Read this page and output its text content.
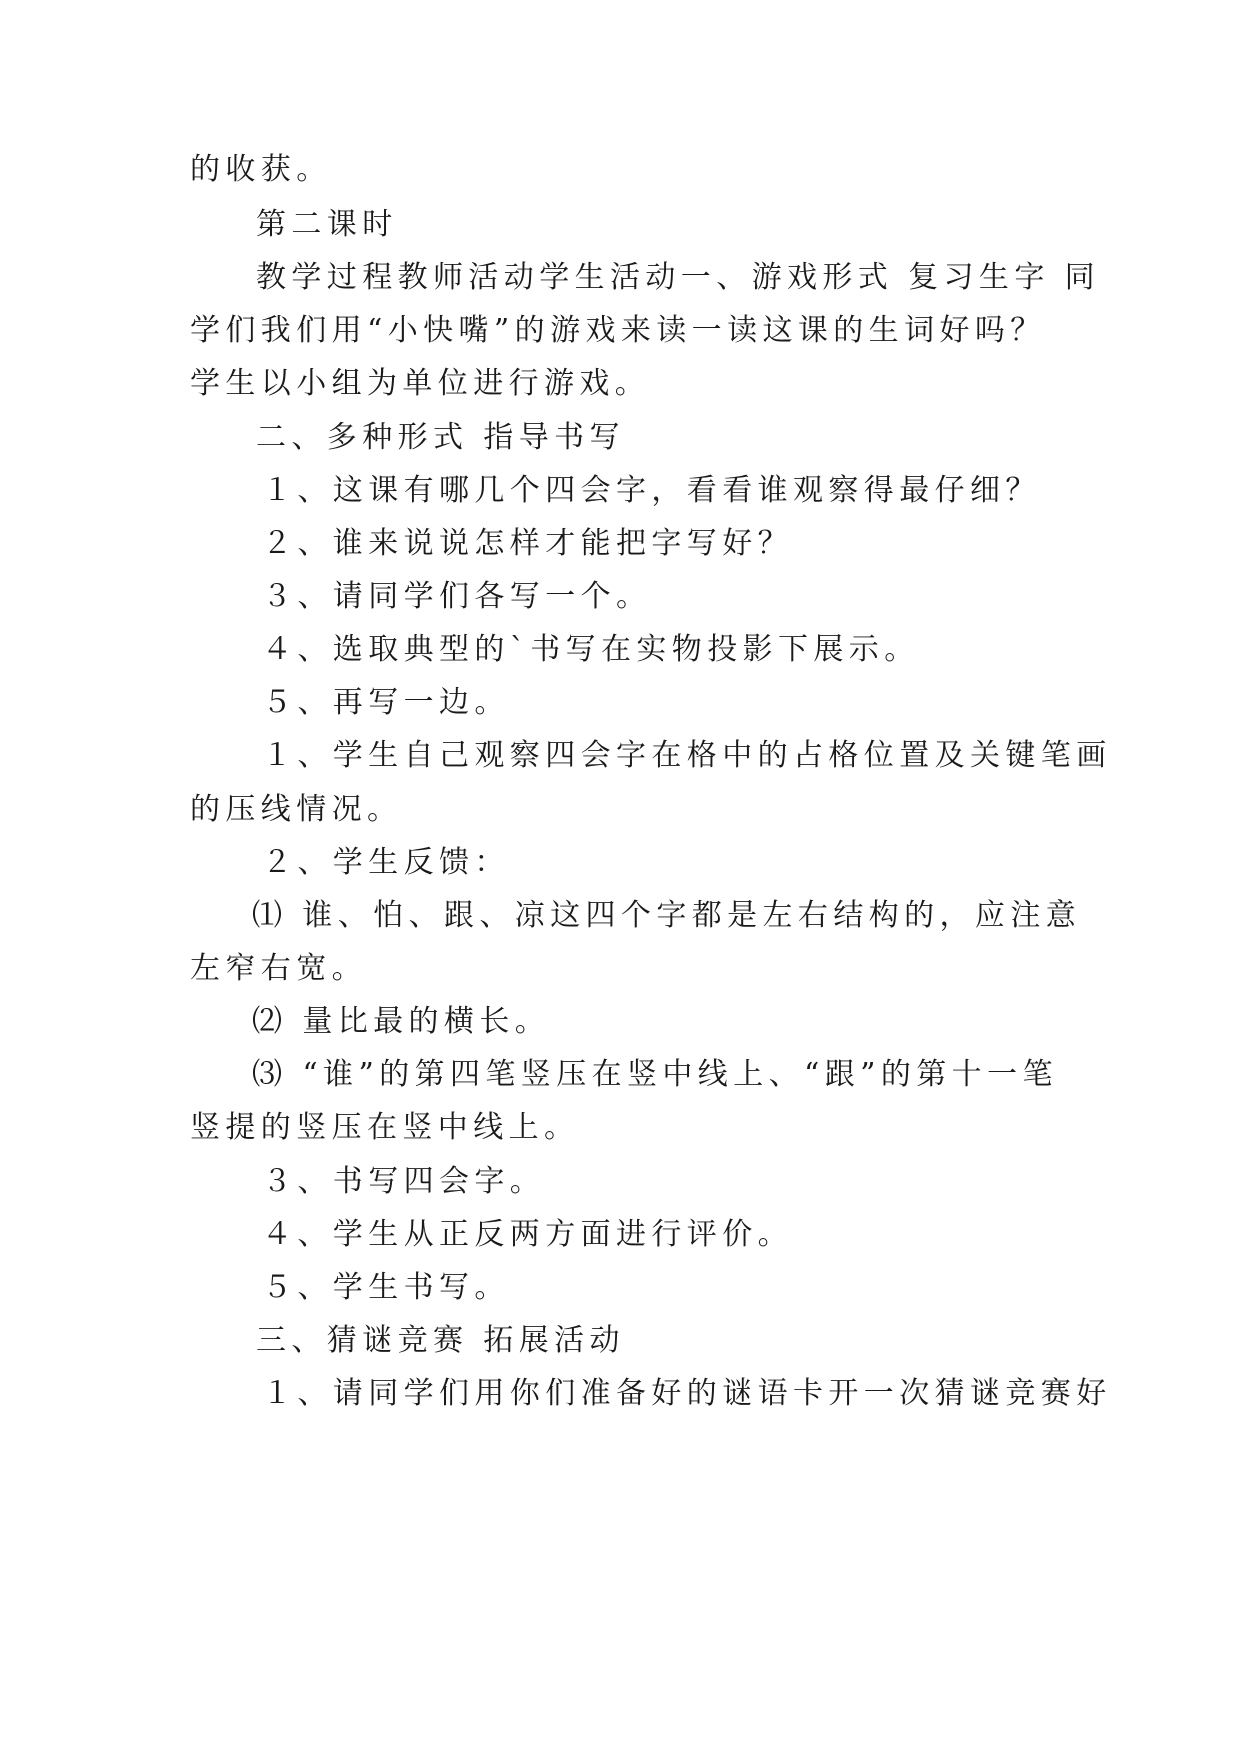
的收获。
第二课时
教学过程教师活动学生活动一、游戏形式 复习生字 同
学们我们用“小快嘴”的游戏来读一读这课的生词好吗？
学生以小组为单位进行游戏。
二、多种形式 指导书写
１、这课有哪几个四会字，看看谁观察得最仔细？
２、谁来说说怎样才能把字写好？
３、请同学们各写一个。
４、选取典型的`书写在实物投影下展示。
５、再写一边。
１、学生自己观察四会字在格中的占格位置及关键笔画
的压线情况。
２、学生反馈：
⑴ 谁、怕、跟、凉这四个字都是左右结构的，应注意
左窄右宽。
⑵ 量比最的横长。
⑶ “谁”的第四笔竖压在竖中线上、“跟”的第十一笔
竖提的竖压在竖中线上。
３、书写四会字。
４、学生从正反两方面进行评价。
５、学生书写。
三、猜谜竞赛 拓展活动
１、请同学们用你们准备好的谜语卡开一次猜谜竞赛好
